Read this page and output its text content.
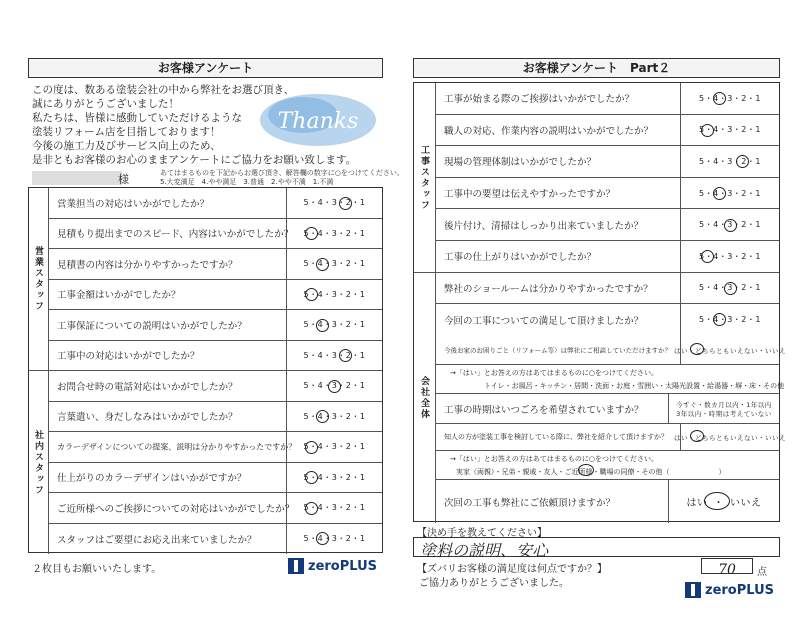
お客様アンケート
この度は、数ある塗装会社の中から弊社をお選び頂き、
誠にありがとうございました！
私たちは、皆様に感動していただけるような
塗装リフォーム店を目指しております！
今後の施工力及びサービス向上のため、
是非ともお客様のお心のままアンケートにご協力をお願い致します。
Thanks
様	あてはまるものを下記からお選び頂き、解答欄の数字に○をつけてください。
5.大変満足　4.やや満足　3.普通　2.やや不満　1.不満
営業スタッフ
社内スタッフ
営業担当の対応はいかがでしたか？	5・4・3・2・1
見積もり提出までのスピード、内容はいかがでしたか？	5・4・3・2・1
見積書の内容は分かりやすかったですか？	5・4・3・2・1
工事金額はいかがでしたか？	5・4・3・2・1
工事保証についての説明はいかがでしたか？	5・4・3・2・1
工事中の対応はいかがでしたか？	5・4・3・2・1
お問合せ時の電話対応はいかがでしたか？	5・4・3・2・1
言葉遣い、身だしなみはいかがでしたか？	5・4・3・2・1
カラーデザインについての提案、説明は分かりやすかったですか？ 5・4・3・2・1
仕上がりのカラーデザインはいかがですか？	5・4・3・2・1
ご近所様へのご挨拶についての対応はいかがでしたか？	5・4・3・2・1
スタッフはご要望にお応え出来ていましたか？	5・4・3・2・1
２枚目もお願いいたします。	zeroPLUS
お客様アンケート　Part２
工事スタッフ
会社全体
工事が始まる際のご挨拶はいかがでしたか？	5・4・3・2・1
職人の対応、作業内容の説明はいかがでしたか？	5・4・3・2・1
現場の管理体制はいかがでしたか？	5・4・3・2・1
工事中の要望は伝えやすかったですか？	5・4・3・2・1
後片付け、清掃はしっかり出来ていましたか？	5・4・3・2・1
工事の仕上がりはいかがでしたか？	5・4・3・2・1
弊社のショールームは分かりやすかったですか？	5・4・3・2・1
今回の工事についての満足して頂けましたか？	5・4・3・2・1
今後お家のお困りごと（リフォーム等）は弊社にご相談していただけますか？ はい・どちらともいえない・いいえ
→「はい」とお答えの方はあてはまるものに○をつけてください。
トイレ・お風呂・キッチン・居間・洗面・お庭・雪囲い・太陽光設置・給湯器・塀・床・その他
工事の時期はいつごろを希望されていますか？	今すぐ・数カ月以内・1年以内
3年以内・時期は考えていない
知人の方が塗装工事を検討している際に、弊社を紹介して頂けますか？ はい・どちらともいえない・いいえ
→「はい」とお答えの方はあてはまるものに○をつけてください。
実家（両親）・兄弟・親戚・友人・ご近所様・職場の同僚・その他（　　　　　　　）
次回の工事も弊社にご依頼頂けますか？	はい ・ いいえ
【決め手を教えてください】
塗料の説明、安心
【ズバリお客様の満足度は何点ですか？】	70	点
ご協力ありがとうございました。	zeroPLUS
